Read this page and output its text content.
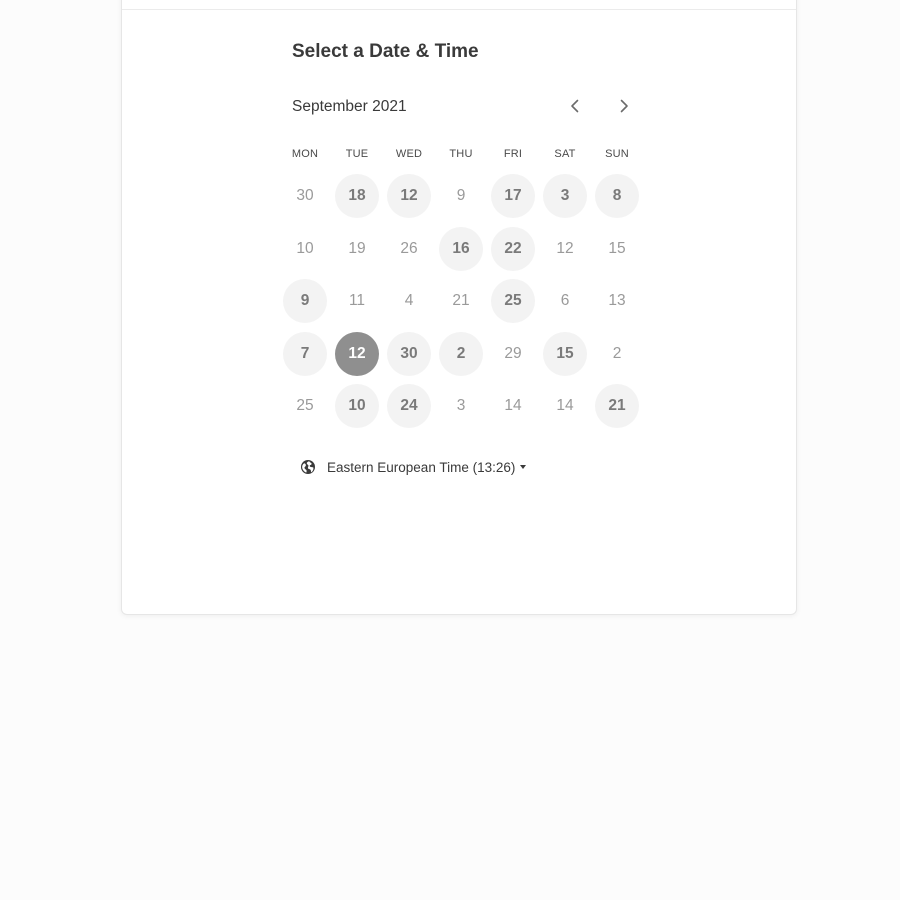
Select a Date & Time
September 2021
MON	TUE	WED	THU	FRI	SAT	SUN
30	18	12	9	17	3	8
10	19	26	16	22	12	15
9	11	4	21	25	6	13
7	12	30	2	29	15	2
25	10	24	3	14	14	21
Eastern European Time (13:26)
